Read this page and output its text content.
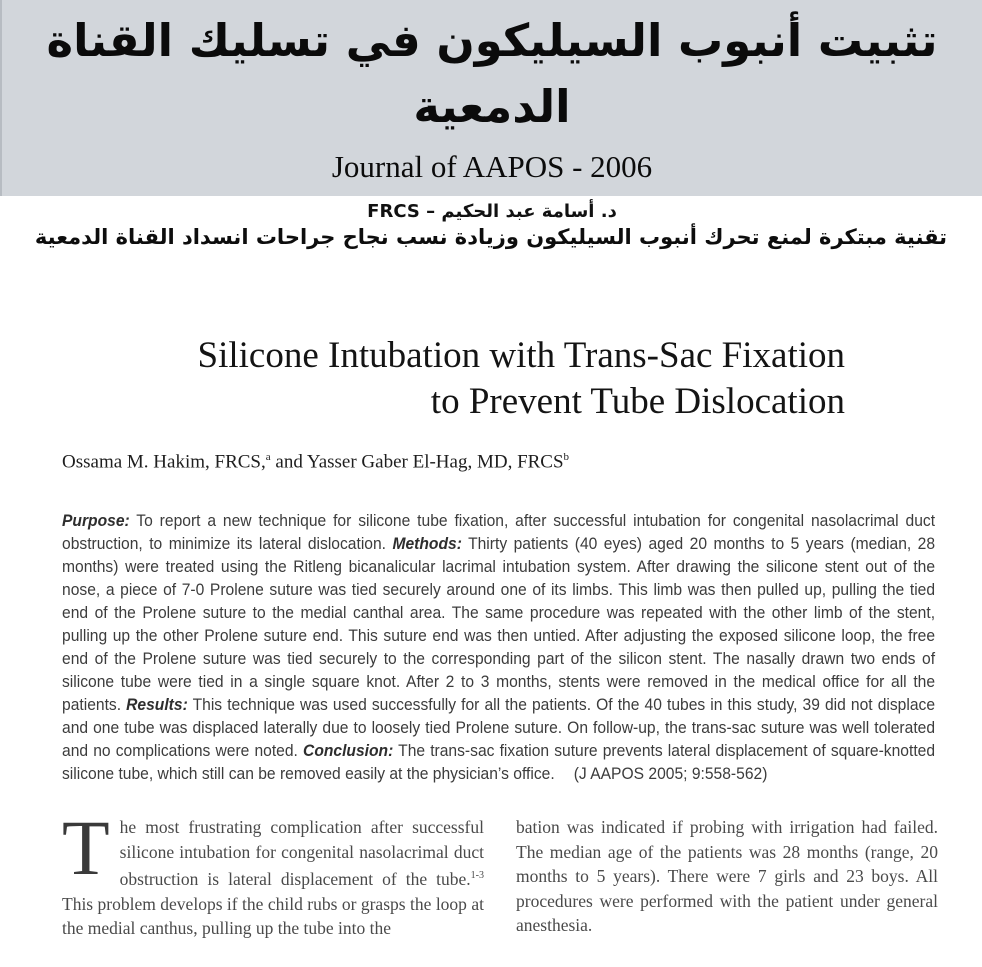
تثبيت أنبوب السيليكون في تسليك القناة الدمعية
Journal of AAPOS - 2006
د. أسامة عبد الحكيم – FRCS
تقنية مبتكرة لمنع تحرك أنبوب السيليكون وزيادة نسب نجاح جراحات انسداد القناة الدمعية
Silicone Intubation with Trans-Sac Fixation
to Prevent Tube Dislocation

Ossama M. Hakim, FRCS,$^a$ and Yasser Gaber El-Hag, MD, FRCS$^b$

Purpose: To report a new technique for silicone tube fixation, after successful intubation for congenital nasolacrimal duct obstruction, to minimize its lateral dislocation. Methods: Thirty patients (40 eyes) aged 20 months to 5 years (median, 28 months) were treated using the Ritleng bicanalicular lacrimal intubation system. After drawing the silicone stent out of the nose, a piece of 7-0 Prolene suture was tied securely around one of its limbs. This limb was then pulled up, pulling the tied end of the Prolene suture to the medial canthal area. The same procedure was repeated with the other limb of the stent, pulling up the other Prolene suture end. This suture end was then untied. After adjusting the exposed silicone loop, the free end of the Prolene suture was tied securely to the corresponding part of the silicon stent. The nasally drawn two ends of silicone tube were tied in a single square knot. After 2 to 3 months, stents were removed in the medical office for all the patients. Results: This technique was used successfully for all the patients. Of the 40 tubes in this study, 39 did not displace and one tube was displaced laterally due to loosely tied Prolene suture. On follow-up, the trans-sac suture was well tolerated and no complications were noted. Conclusion: The trans-sac fixation suture prevents lateral displacement of square-knotted silicone tube, which still can be removed easily at the physician’s office. (J AAPOS 2005; 9:558-562)

The most frustrating complication after successful silicone intubation for congenital nasolacrimal duct obstruction is lateral displacement of the tube.$^{1-3}$ This problem develops if the child rubs or grasps the loop at the medial canthus, pulling up the tube into the
bation was indicated if probing with irrigation had failed. The median age of the patients was 28 months (range, 20 months to 5 years). There were 7 girls and 23 boys. All procedures were performed with the patient under general anesthesia.
